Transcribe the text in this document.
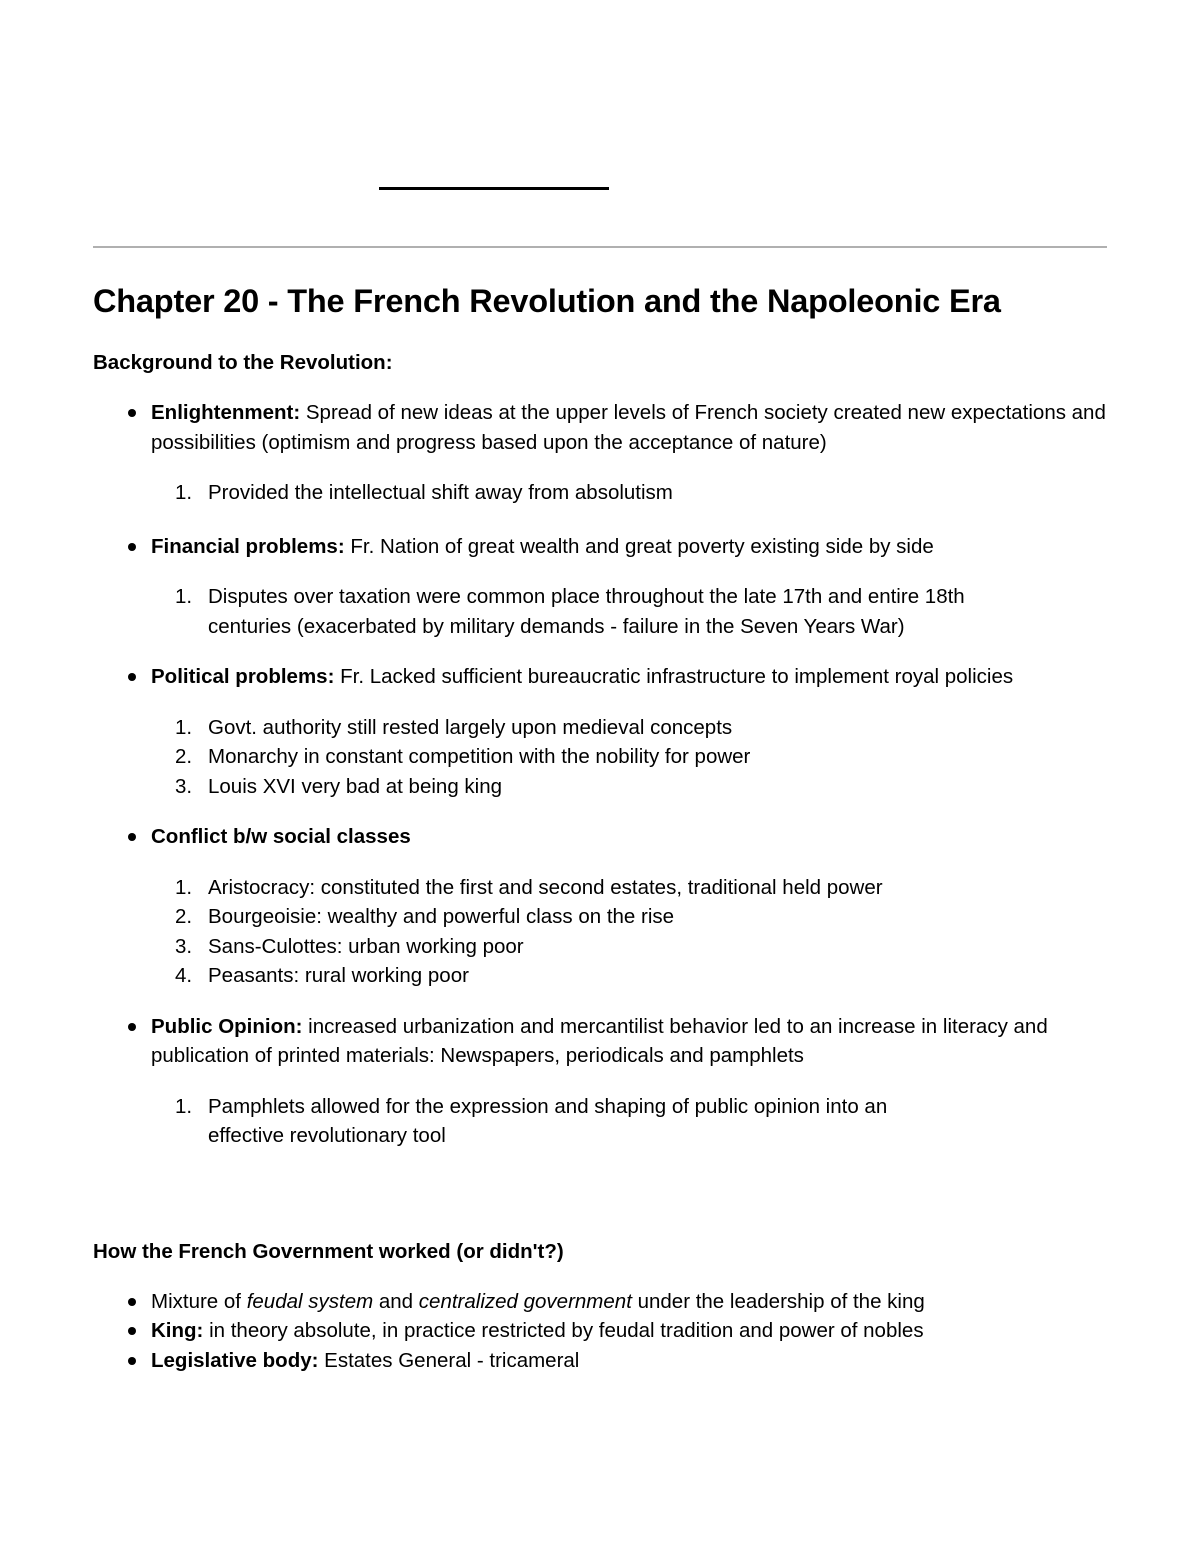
Chapter 20 - The French Revolution and the Napoleonic Era

Background to the Revolution:

Enlightenment: Spread of new ideas at the upper levels of French society created new expectations and possibilities (optimism and progress based upon the acceptance of nature)
1. Provided the intellectual shift away from absolutism
Financial problems: Fr. Nation of great wealth and great poverty existing side by side
1. Disputes over taxation were common place throughout the late 17th and entire 18th centuries (exacerbated by military demands - failure in the Seven Years War)
Political problems: Fr. Lacked sufficient bureaucratic infrastructure to implement royal policies
1. Govt. authority still rested largely upon medieval concepts
2. Monarchy in constant competition with the nobility for power
3. Louis XVI very bad at being king
Conflict b/w social classes
1. Aristocracy: constituted the first and second estates, traditional held power
2. Bourgeoisie: wealthy and powerful class on the rise
3. Sans-Culottes: urban working poor
4. Peasants: rural working poor
Public Opinion: increased urbanization and mercantilist behavior led to an increase in literacy and publication of printed materials: Newspapers, periodicals and pamphlets
1. Pamphlets allowed for the expression and shaping of public opinion into an effective revolutionary tool

How the French Government worked (or didn't?)

Mixture of feudal system and centralized government under the leadership of the king
King: in theory absolute, in practice restricted by feudal tradition and power of nobles
Legislative body: Estates General - tricameral
